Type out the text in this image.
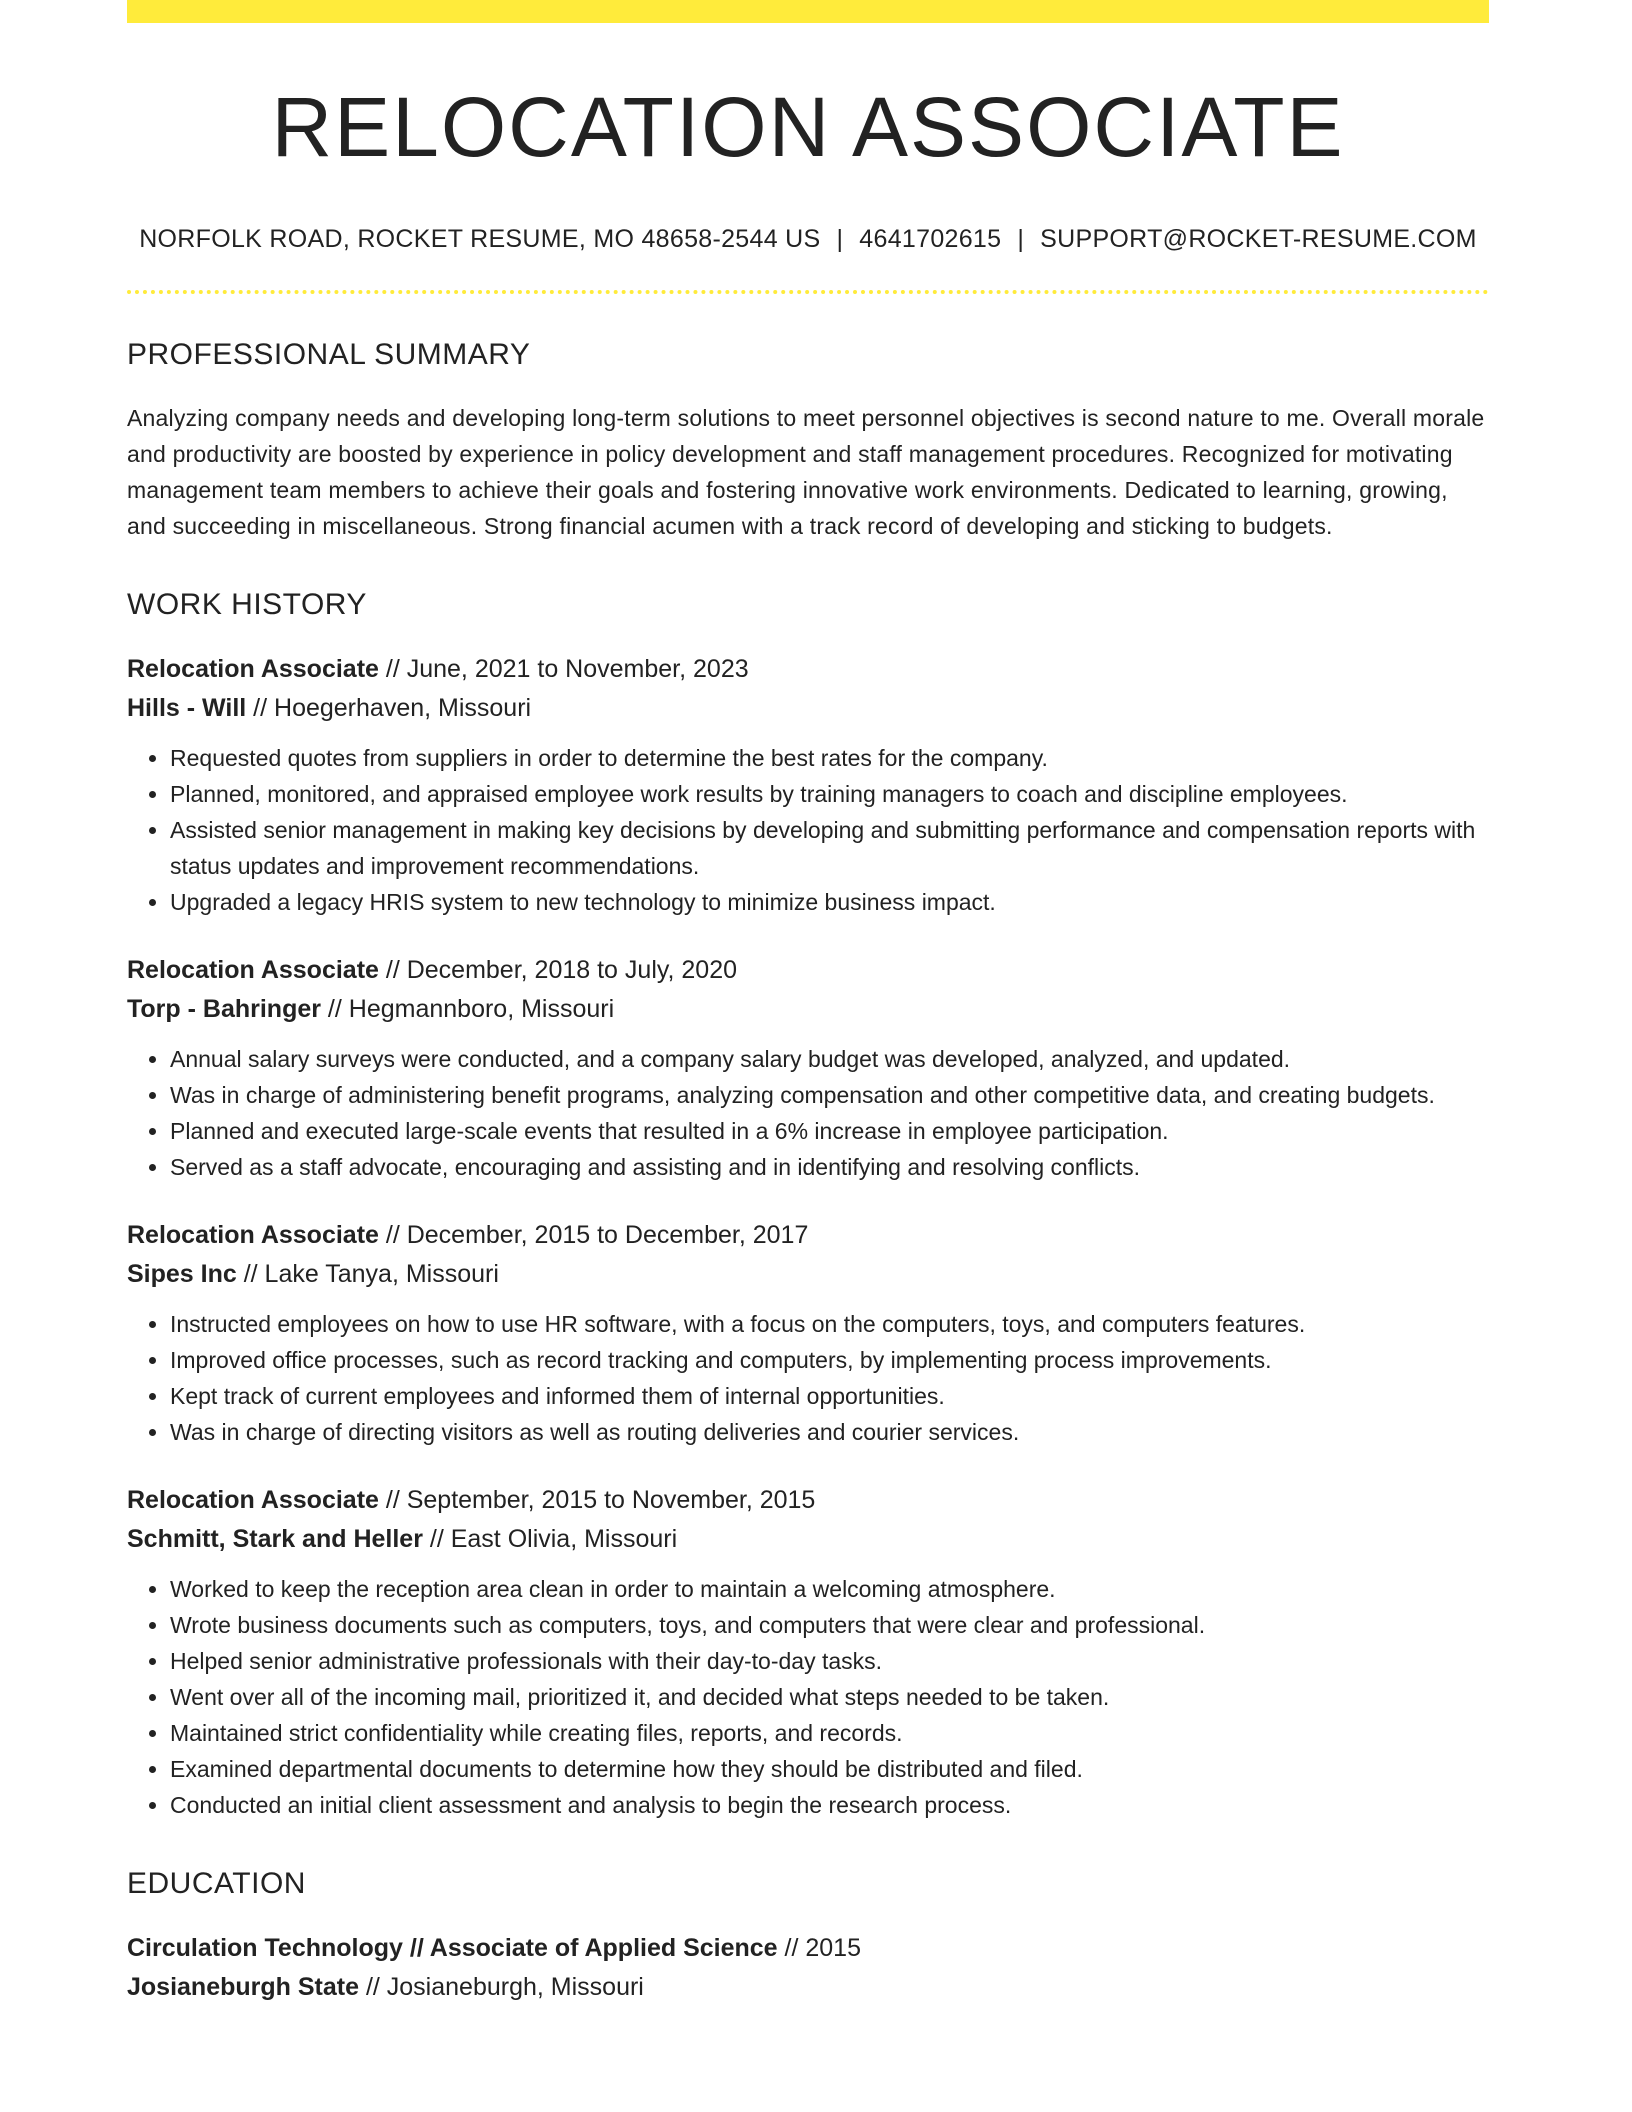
RELOCATION ASSOCIATE
NORFOLK ROAD, ROCKET RESUME, MO 48658-2544 US | 4641702615 | SUPPORT@ROCKET-RESUME.COM
PROFESSIONAL SUMMARY
Analyzing company needs and developing long-term solutions to meet personnel objectives is second nature to me. Overall morale and productivity are boosted by experience in policy development and staff management procedures. Recognized for motivating management team members to achieve their goals and fostering innovative work environments. Dedicated to learning, growing, and succeeding in miscellaneous. Strong financial acumen with a track record of developing and sticking to budgets.
WORK HISTORY
Relocation Associate // June, 2021 to November, 2023
Hills - Will // Hoegerhaven, Missouri
• Requested quotes from suppliers in order to determine the best rates for the company.
• Planned, monitored, and appraised employee work results by training managers to coach and discipline employees.
• Assisted senior management in making key decisions by developing and submitting performance and compensation reports with status updates and improvement recommendations.
• Upgraded a legacy HRIS system to new technology to minimize business impact.
Relocation Associate // December, 2018 to July, 2020
Torp - Bahringer // Hegmannboro, Missouri
• Annual salary surveys were conducted, and a company salary budget was developed, analyzed, and updated.
• Was in charge of administering benefit programs, analyzing compensation and other competitive data, and creating budgets.
• Planned and executed large-scale events that resulted in a 6% increase in employee participation.
• Served as a staff advocate, encouraging and assisting and in identifying and resolving conflicts.
Relocation Associate // December, 2015 to December, 2017
Sipes Inc // Lake Tanya, Missouri
• Instructed employees on how to use HR software, with a focus on the computers, toys, and computers features.
• Improved office processes, such as record tracking and computers, by implementing process improvements.
• Kept track of current employees and informed them of internal opportunities.
• Was in charge of directing visitors as well as routing deliveries and courier services.
Relocation Associate // September, 2015 to November, 2015
Schmitt, Stark and Heller // East Olivia, Missouri
• Worked to keep the reception area clean in order to maintain a welcoming atmosphere.
• Wrote business documents such as computers, toys, and computers that were clear and professional.
• Helped senior administrative professionals with their day-to-day tasks.
• Went over all of the incoming mail, prioritized it, and decided what steps needed to be taken.
• Maintained strict confidentiality while creating files, reports, and records.
• Examined departmental documents to determine how they should be distributed and filed.
• Conducted an initial client assessment and analysis to begin the research process.
EDUCATION
Circulation Technology // Associate of Applied Science // 2015
Josianeburgh State // Josianeburgh, Missouri
